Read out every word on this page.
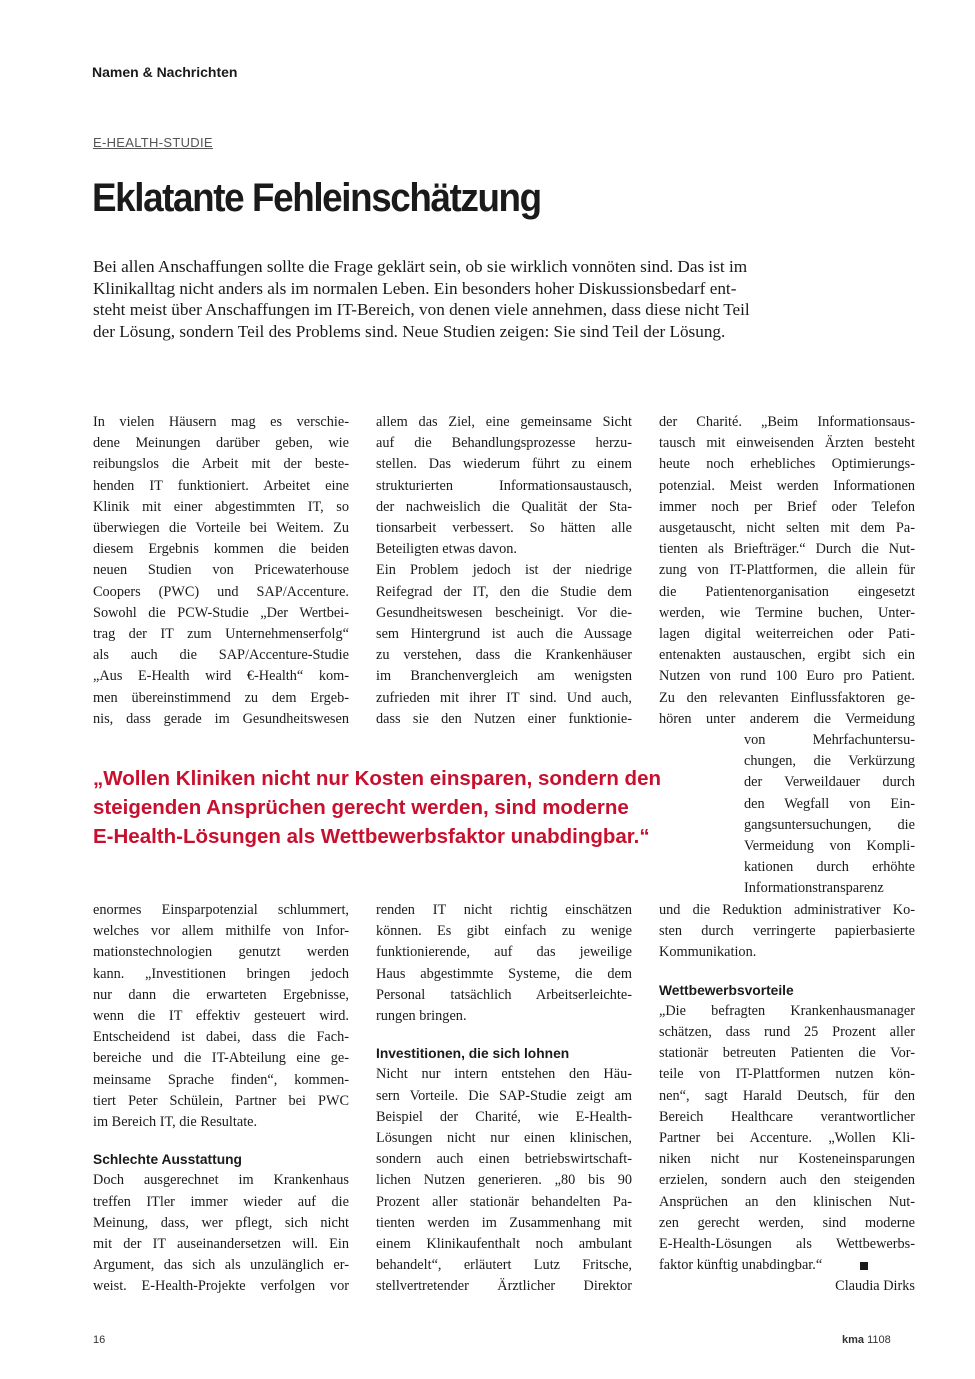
Namen & Nachrichten
E-HEALTH-STUDIE
Eklatante Fehleinschätzung
Bei allen Anschaffungen sollte die Frage geklärt sein, ob sie wirklich vonnöten sind. Das ist im
Klinikalltag nicht anders als im normalen Leben. Ein besonders hoher Diskussionsbedarf ent-
steht meist über Anschaffungen im IT-Bereich, von denen viele annehmen, dass diese nicht Teil
der Lösung, sondern Teil des Problems sind. Neue Studien zeigen: Sie sind Teil der Lösung.
In vielen Häusern mag es verschie-
dene Meinungen darüber geben, wie
reibungslos die Arbeit mit der beste-
henden IT funktioniert. Arbeitet eine
Klinik mit einer abgestimmten IT, so
überwiegen die Vorteile bei Weitem. Zu
diesem Ergebnis kommen die beiden
neuen Studien von Pricewaterhouse
Coopers (PWC) und SAP/Accenture.
Sowohl die PCW-Studie „Der Wertbei-
trag der IT zum Unternehmenserfolg“
als auch die SAP/Accenture-Studie
„Aus E-Health wird €-Health“ kom-
men übereinstimmend zu dem Ergeb-
nis, dass gerade im Gesundheitswesen
allem das Ziel, eine gemeinsame Sicht
auf die Behandlungsprozesse herzu-
stellen. Das wiederum führt zu einem
strukturierten Informationsaustausch,
der nachweislich die Qualität der Sta-
tionsarbeit verbessert. So hätten alle
Beteiligten etwas davon.
Ein Problem jedoch ist der niedrige
Reifegrad der IT, den die Studie dem
Gesundheitswesen bescheinigt. Vor die-
sem Hintergrund ist auch die Aussage
zu verstehen, dass die Krankenhäuser
im Branchenvergleich am wenigsten
zufrieden mit ihrer IT sind. Und auch,
dass sie den Nutzen einer funktionie-
der Charité. „Beim Informationsaus-
tausch mit einweisenden Ärzten besteht
heute noch erhebliches Optimierungs-
potenzial. Meist werden Informationen
immer noch per Brief oder Telefon
ausgetauscht, nicht selten mit dem Pa-
tienten als Briefträger.“ Durch die Nut-
zung von IT-Plattformen, die allein für
die Patientenorganisation eingesetzt
werden, wie Termine buchen, Unter-
lagen digital weiterreichen oder Pati-
entenakten austauschen, ergibt sich ein
Nutzen von rund 100 Euro pro Patient.
Zu den relevanten Einflussfaktoren ge-
hören unter anderem die Vermeidung
von Mehrfachuntersu-
chungen, die Verkürzung
der Verweildauer durch
den Wegfall von Ein-
gangsuntersuchungen, die
Vermeidung von Kompli-
kationen durch erhöhte
Informationstransparenz
„Wollen Kliniken nicht nur Kosten einsparen, sondern den
steigenden Ansprüchen gerecht werden, sind moderne
E-Health-Lösungen als Wettbewerbsfaktor unabdingbar.“
enormes Einsparpotenzial schlummert,
welches vor allem mithilfe von Infor-
mationstechnologien genutzt werden
kann. „Investitionen bringen jedoch
nur dann die erwarteten Ergebnisse,
wenn die IT effektiv gesteuert wird.
Entscheidend ist dabei, dass die Fach-
bereiche und die IT-Abteilung eine ge-
meinsame Sprache finden“, kommen-
tiert Peter Schülein, Partner bei PWC
im Bereich IT, die Resultate.

Schlechte Ausstattung

Doch ausgerechnet im Krankenhaus
treffen ITler immer wieder auf die
Meinung, dass, wer pflegt, sich nicht
mit der IT auseinandersetzen will. Ein
Argument, das sich als unzulänglich er-
weist. E-Health-Projekte verfolgen vor
renden IT nicht richtig einschätzen
können. Es gibt einfach zu wenige
funktionierende, auf das jeweilige
Haus abgestimmte Systeme, die dem
Personal tatsächlich Arbeitserleichte-
rungen bringen.

Investitionen, die sich lohnen

Nicht nur intern entstehen den Häu-
sern Vorteile. Die SAP-Studie zeigt am
Beispiel der Charité, wie E-Health-
Lösungen nicht nur einen klinischen,
sondern auch einen betriebswirtschaft-
lichen Nutzen generieren. „80 bis 90
Prozent aller stationär behandelten Pa-
tienten werden im Zusammenhang mit
einem Klinikaufenthalt noch ambulant
behandelt“, erläutert Lutz Fritsche,
stellvertretender Ärztlicher Direktor
und die Reduktion administrativer Ko-
sten durch verringerte papierbasierte
Kommunikation.

Wettbewerbsvorteile

„Die befragten Krankenhausmanager
schätzen, dass rund 25 Prozent aller
stationär betreuten Patienten die Vor-
teile von IT-Plattformen nutzen kön-
nen“, sagt Harald Deutsch, für den
Bereich Healthcare verantwortlicher
Partner bei Accenture. „Wollen Kli-
niken nicht nur Kosteneinsparungen
erzielen, sondern auch den steigenden
Ansprüchen an den klinischen Nut-
zen gerecht werden, sind moderne
E-Health-Lösungen als Wettbewerbs-
faktor künftig unabdingbar.“
Claudia Dirks
16	kma 1108
